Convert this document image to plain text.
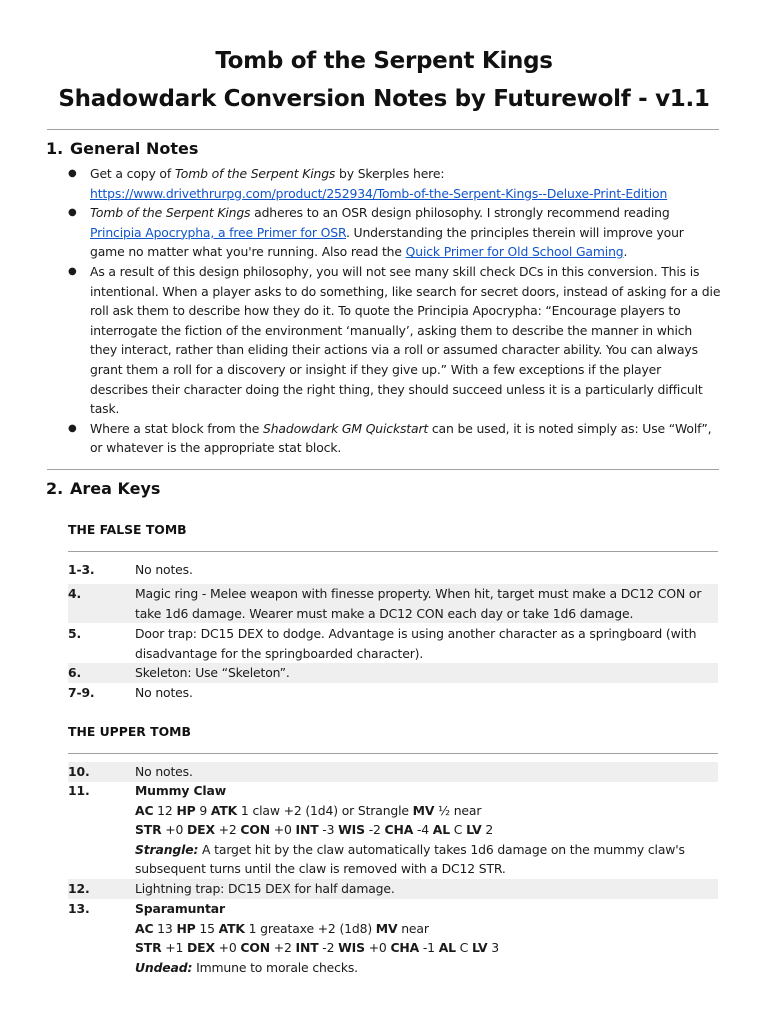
Tomb of the Serpent Kings
Shadowdark Conversion Notes by Futurewolf - v1.1
1. General Notes
● Get a copy of Tomb of the Serpent Kings by Skerples here:
https://www.drivethrurpg.com/product/252934/Tomb-of-the-Serpent-Kings--Deluxe-Print-Edition
● Tomb of the Serpent Kings adheres to an OSR design philosophy. I strongly recommend reading Principia Apocrypha, a free Primer for OSR. Understanding the principles therein will improve your game no matter what you're running. Also read the Quick Primer for Old School Gaming.
● As a result of this design philosophy, you will not see many skill check DCs in this conversion. This is intentional. When a player asks to do something, like search for secret doors, instead of asking for a die roll ask them to describe how they do it. To quote the Principia Apocrypha: “Encourage players to interrogate the fiction of the environment ‘manually’, asking them to describe the manner in which they interact, rather than eliding their actions via a roll or assumed character ability. You can always grant them a roll for a discovery or insight if they give up.” With a few exceptions if the player describes their character doing the right thing, they should succeed unless it is a particularly difficult task.
● Where a stat block from the Shadowdark GM Quickstart can be used, it is noted simply as: Use “Wolf”, or whatever is the appropriate stat block.
2. Area Keys
THE FALSE TOMB
1-3.	No notes.
4.	Magic ring - Melee weapon with finesse property. When hit, target must make a DC12 CON or take 1d6 damage. Wearer must make a DC12 CON each day or take 1d6 damage.
5.	Door trap: DC15 DEX to dodge. Advantage is using another character as a springboard (with disadvantage for the springboarded character).
6.	Skeleton: Use “Skeleton”.
7-9.	No notes.
THE UPPER TOMB
10.	No notes.
11.	Mummy Claw
AC 12 HP 9 ATK 1 claw +2 (1d4) or Strangle MV ½ near
STR +0 DEX +2 CON +0 INT -3 WIS -2 CHA -4 AL C LV 2
Strangle: A target hit by the claw automatically takes 1d6 damage on the mummy claw's subsequent turns until the claw is removed with a DC12 STR.
12.	Lightning trap: DC15 DEX for half damage.
13.	Sparamuntar
AC 13 HP 15 ATK 1 greataxe +2 (1d8) MV near
STR +1 DEX +0 CON +2 INT -2 WIS +0 CHA -1 AL C LV 3
Undead: Immune to morale checks.
